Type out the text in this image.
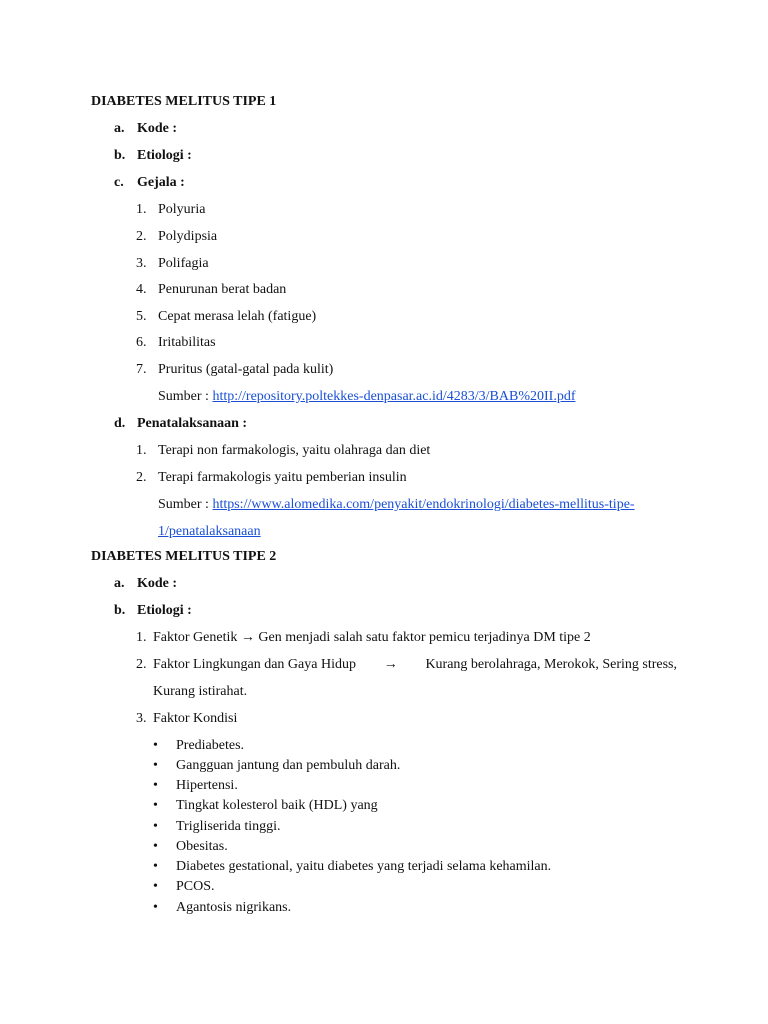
DIABETES MELITUS TIPE 1
a. Kode :
b. Etiologi :
c. Gejala :
1. Polyuria
2. Polydipsia
3. Polifagia
4. Penurunan berat badan
5. Cepat merasa lelah (fatigue)
6. Iritabilitas
7. Pruritus (gatal-gatal pada kulit)
Sumber : http://repository.poltekkes-denpasar.ac.id/4283/3/BAB%20II.pdf
d. Penatalaksanaan :
1. Terapi non farmakologis, yaitu olahraga dan diet
2. Terapi farmakologis yaitu pemberian insulin
Sumber : https://www.alomedika.com/penyakit/endokrinologi/diabetes-mellitus-tipe-
1/penatalaksanaan
DIABETES MELITUS TIPE 2
a. Kode :
b. Etiologi :
1. Faktor Genetik → Gen menjadi salah satu faktor pemicu terjadinya DM tipe 2
2. Faktor Lingkungan dan Gaya Hidup → Kurang berolahraga, Merokok, Sering stress,
Kurang istirahat.
3. Faktor Kondisi
• Prediabetes.
• Gangguan jantung dan pembuluh darah.
• Hipertensi.
• Tingkat kolesterol baik (HDL) yang
• Trigliserida tinggi.
• Obesitas.
• Diabetes gestational, yaitu diabetes yang terjadi selama kehamilan.
• PCOS.
• Agantosis nigrikans.
